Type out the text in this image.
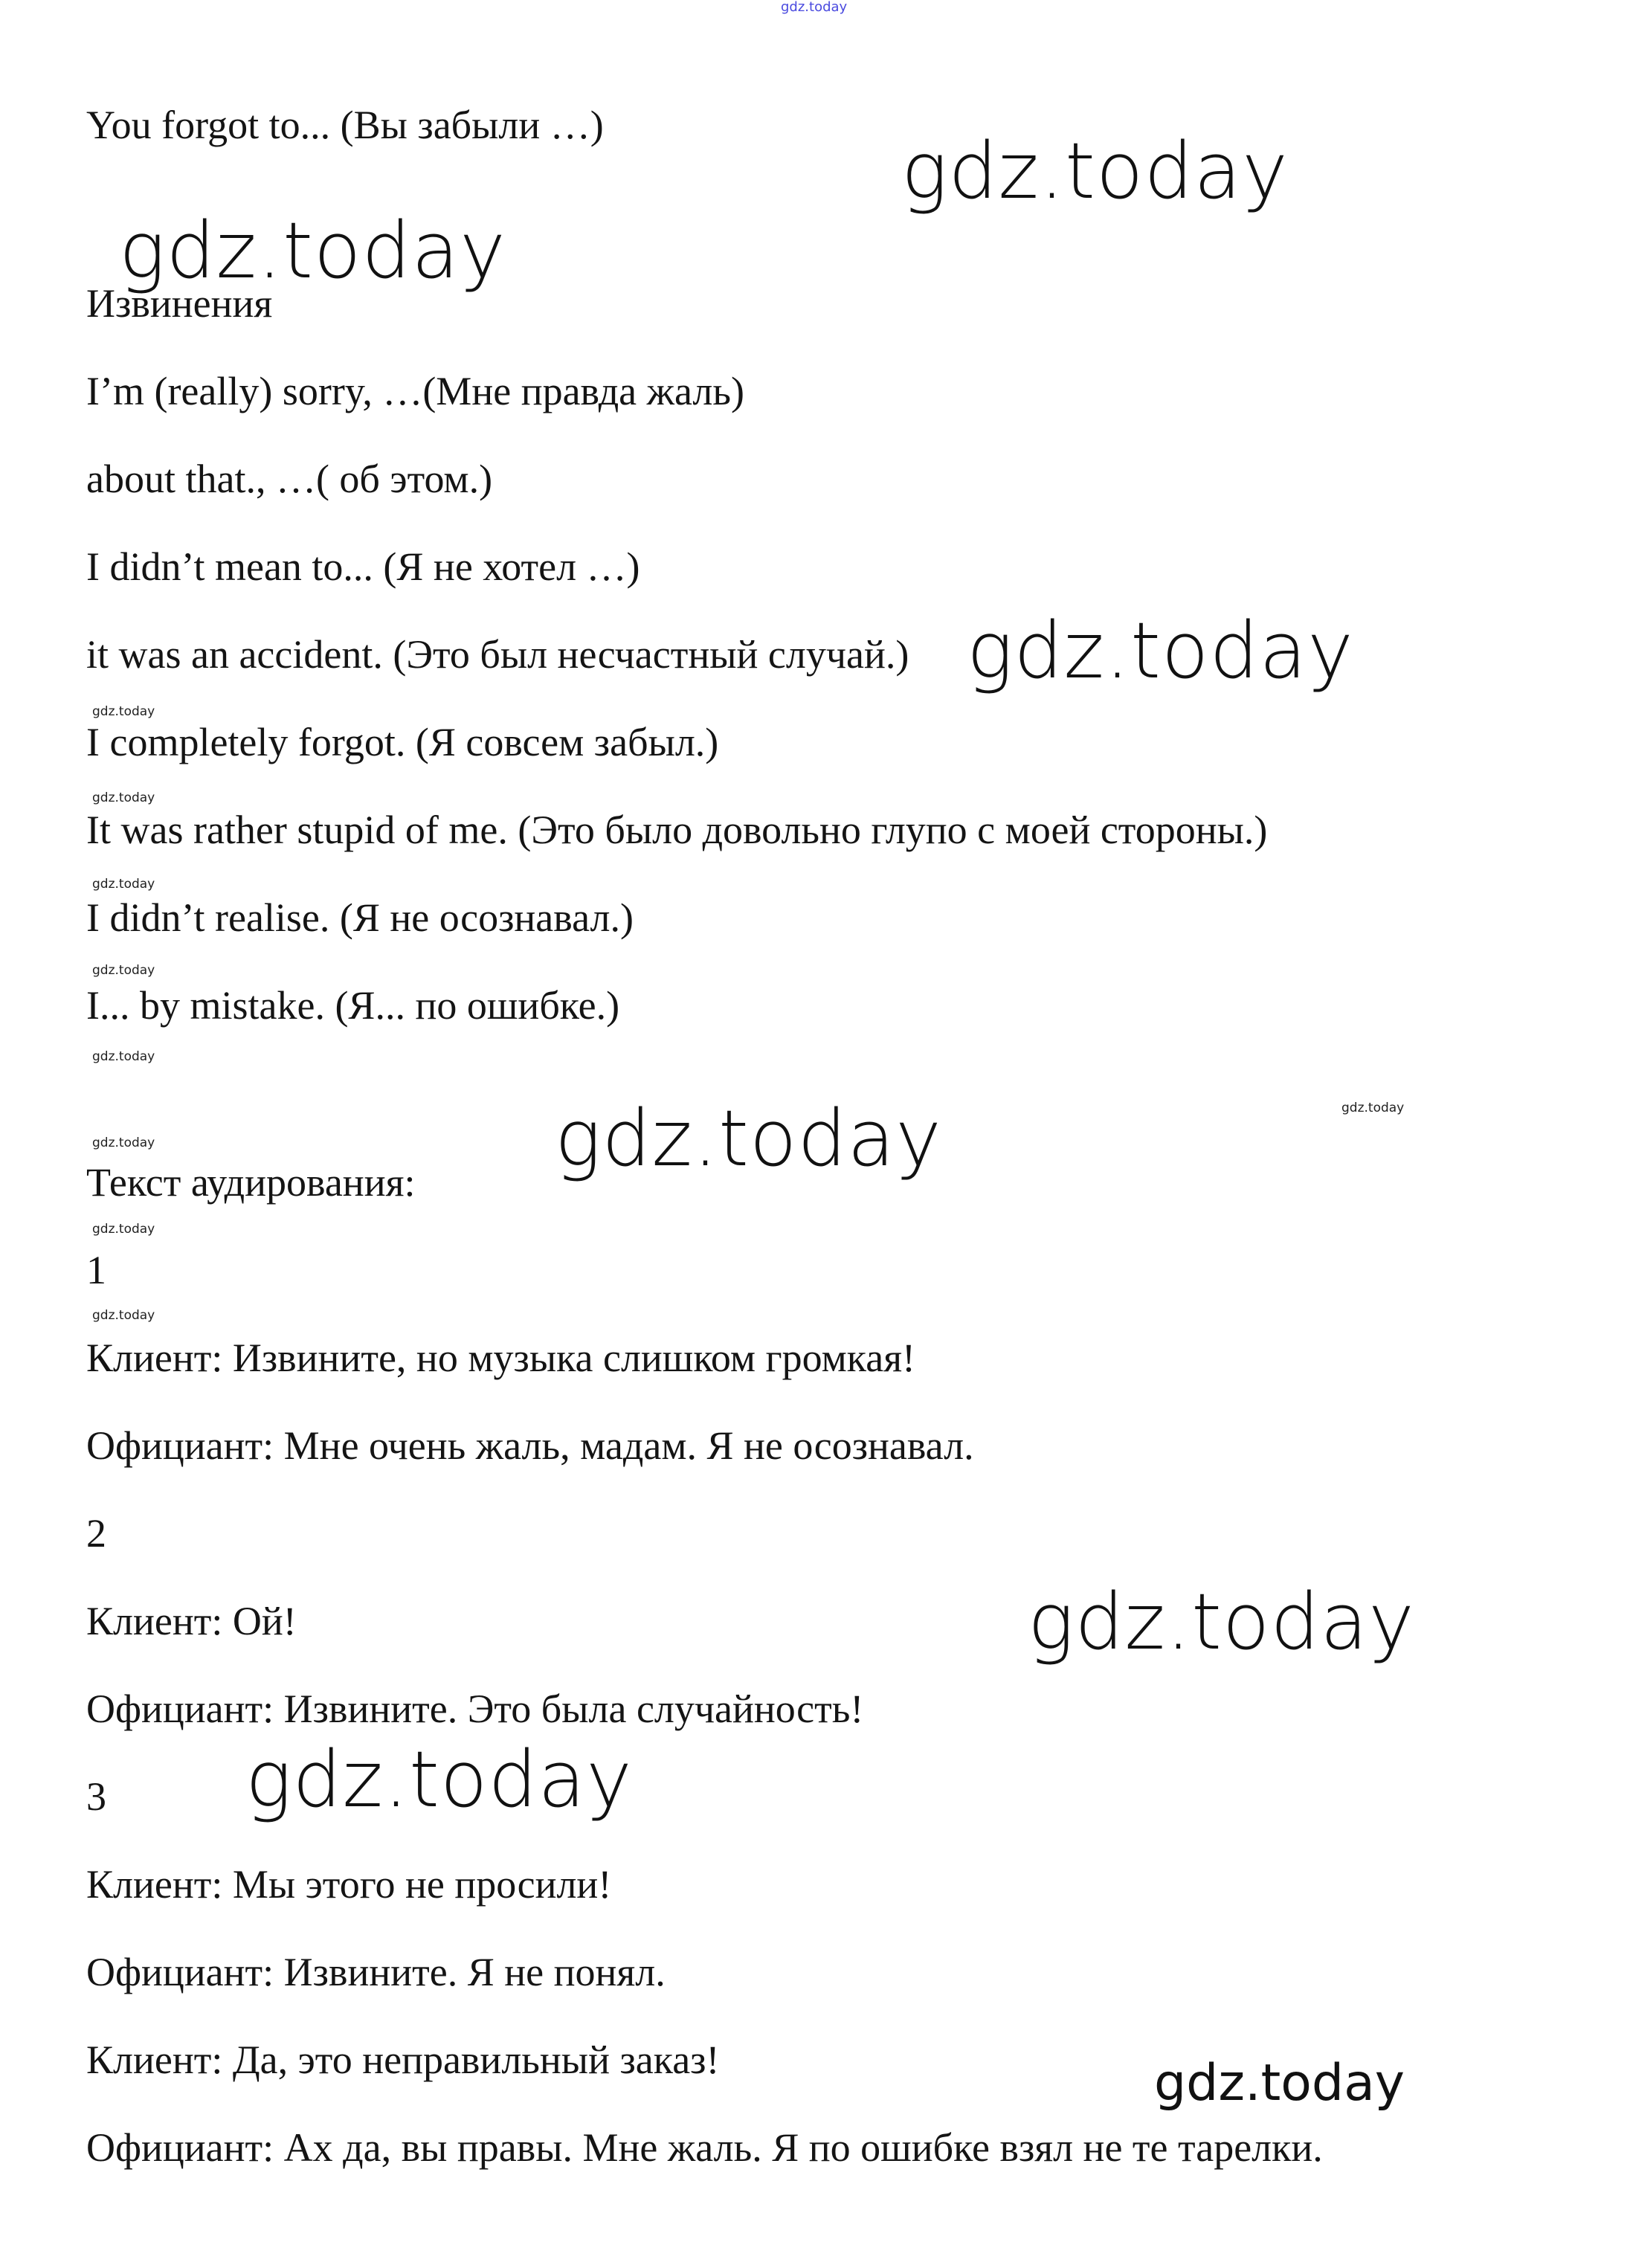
gdz.today

You forgot to... (Вы забыли …)

Извинения

I’m (really) sorry, …(Мне правда жаль)

about that., …( об этом.)

I didn’t mean to... (Я не хотел …)

it was an accident. (Это был несчастный случай.)

I completely forgot. (Я совсем забыл.)

It was rather stupid of me. (Это было довольно глупо с моей стороны.)

I didn’t realise. (Я не осознавал.)

I... by mistake. (Я... по ошибке.)

Текст аудирования:

1

Клиент: Извините, но музыка слишком громкая!

Официант: Мне очень жаль, мадам. Я не осознавал.

2

Клиент: Ой!

Официант: Извините. Это была случайность!

3

Клиент: Мы этого не просили!

Официант: Извините. Я не понял.

Клиент: Да, это неправильный заказ!

Официант: Ах да, вы правы. Мне жаль. Я по ошибке взял не те тарелки.

gdz.today
gdz.today
gdz.today
gdz.today
gdz.today
gdz.today
gdz.today
gdz.today
gdz.today
gdz.today
gdz.today
gdz.today
gdz.today
gdz.today
gdz.today
gdz.today
